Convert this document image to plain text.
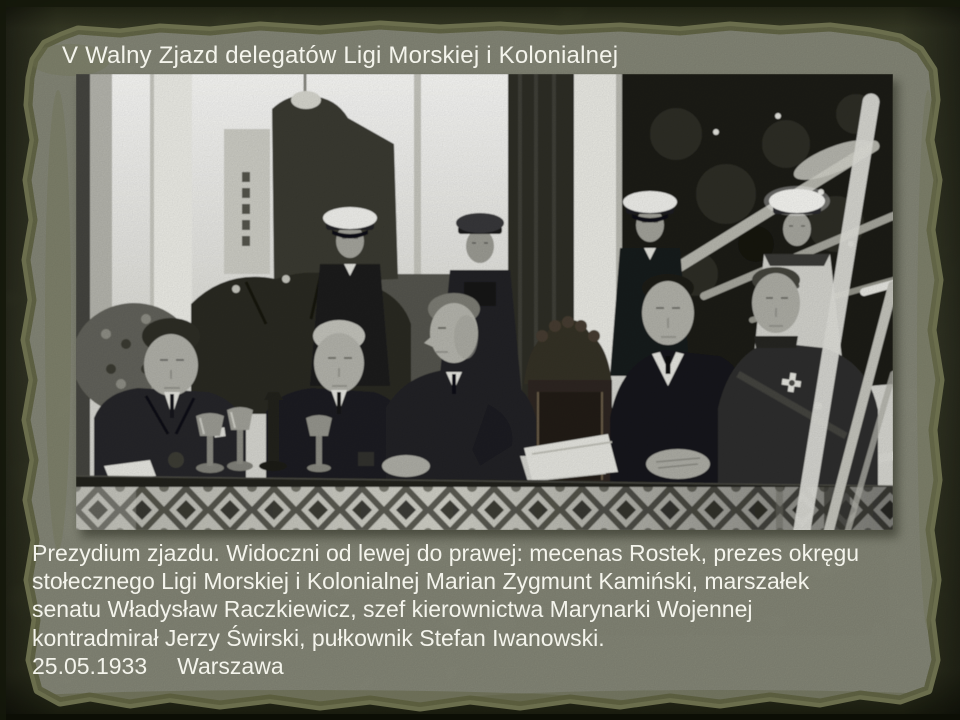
V Walny Zjazd delegatów Ligi Morskiej i Kolonialnej
Prezydium zjazdu. Widoczni od lewej do prawej: mecenas Rostek, prezes okręgu
stołecznego Ligi Morskiej i Kolonialnej Marian Zygmunt Kamiński, marszałek
senatu Władysław Raczkiewicz, szef kierownictwa Marynarki Wojennej
kontradmirał Jerzy Świrski, pułkownik Stefan Iwanowski.
25.05.1933 Warszawa
